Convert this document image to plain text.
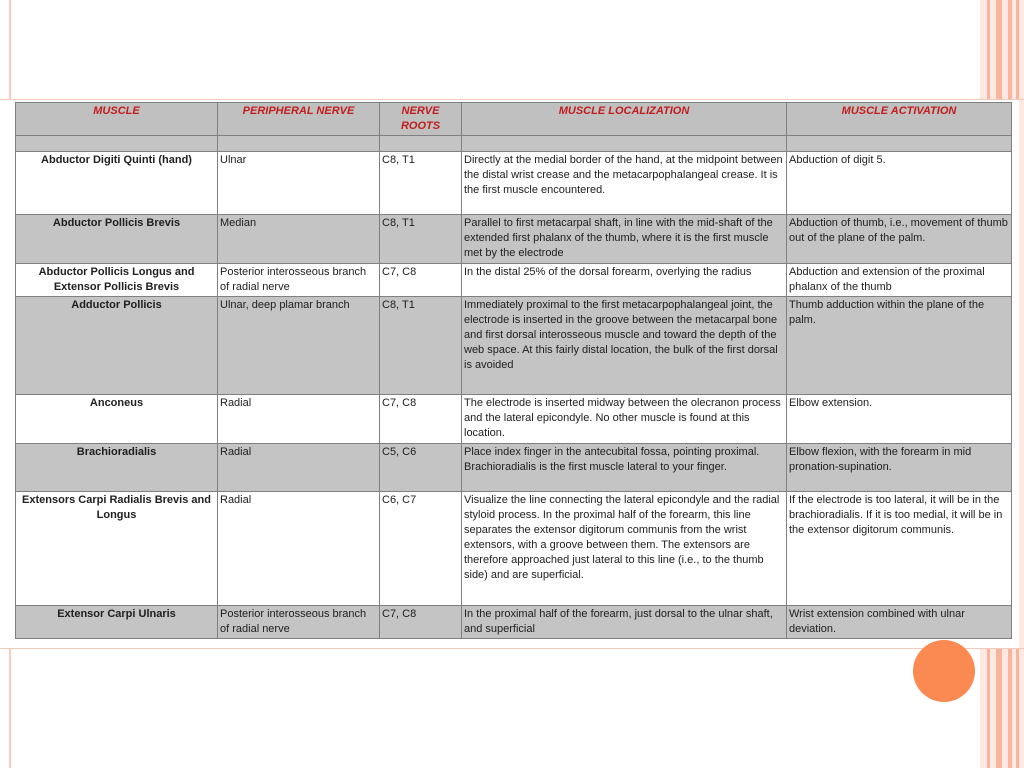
MUSCLE	PERIPHERAL NERVE	NERVE ROOTS	MUSCLE LOCALIZATION	MUSCLE ACTIVATION

Abductor Digiti Quinti (hand)	Ulnar	C8, T1	Directly at the medial border of the hand, at the midpoint between the distal wrist crease and the metacarpophalangeal crease. It is the first muscle encountered.	Abduction of digit 5.
Abductor Pollicis Brevis	Median	C8, T1	Parallel to first metacarpal shaft, in line with the mid-shaft of the extended first phalanx of the thumb, where it is the first muscle met by the electrode	Abduction of thumb, i.e., movement of thumb out of the plane of the palm.
Abductor Pollicis Longus and Extensor Pollicis Brevis	Posterior interosseous branch of radial nerve	C7, C8	In the distal 25% of the dorsal forearm, overlying the radius	Abduction and extension of the proximal phalanx of the thumb
Adductor Pollicis	Ulnar, deep plamar branch	C8, T1	Immediately proximal to the first metacarpophalangeal joint, the electrode is inserted in the groove between the metacarpal bone and first dorsal interosseous muscle and toward the depth of the web space. At this fairly distal location, the bulk of the first dorsal is avoided	Thumb adduction within the plane of the palm.
Anconeus	Radial	C7, C8	The electrode is inserted midway between the olecranon process and the lateral epicondyle. No other muscle is found at this location.	Elbow extension.
Brachioradialis	Radial	C5, C6	Place index finger in the antecubital fossa, pointing proximal. Brachioradialis is the first muscle lateral to your finger.	Elbow flexion, with the forearm in mid pronation-supination.
Extensors Carpi Radialis Brevis and Longus	Radial	C6, C7	Visualize the line connecting the lateral epicondyle and the radial styloid process. In the proximal half of the forearm, this line separates the extensor digitorum communis from the wrist extensors, with a groove between them. The extensors are therefore approached just lateral to this line (i.e., to the thumb side) and are superficial.	If the electrode is too lateral, it will be in the brachioradialis. If it is too medial, it will be in the extensor digitorum communis.
Extensor Carpi Ulnaris	Posterior interosseous branch of radial nerve	C7, C8	In the proximal half of the forearm, just dorsal to the ulnar shaft, and superficial	Wrist extension combined with ulnar deviation.
